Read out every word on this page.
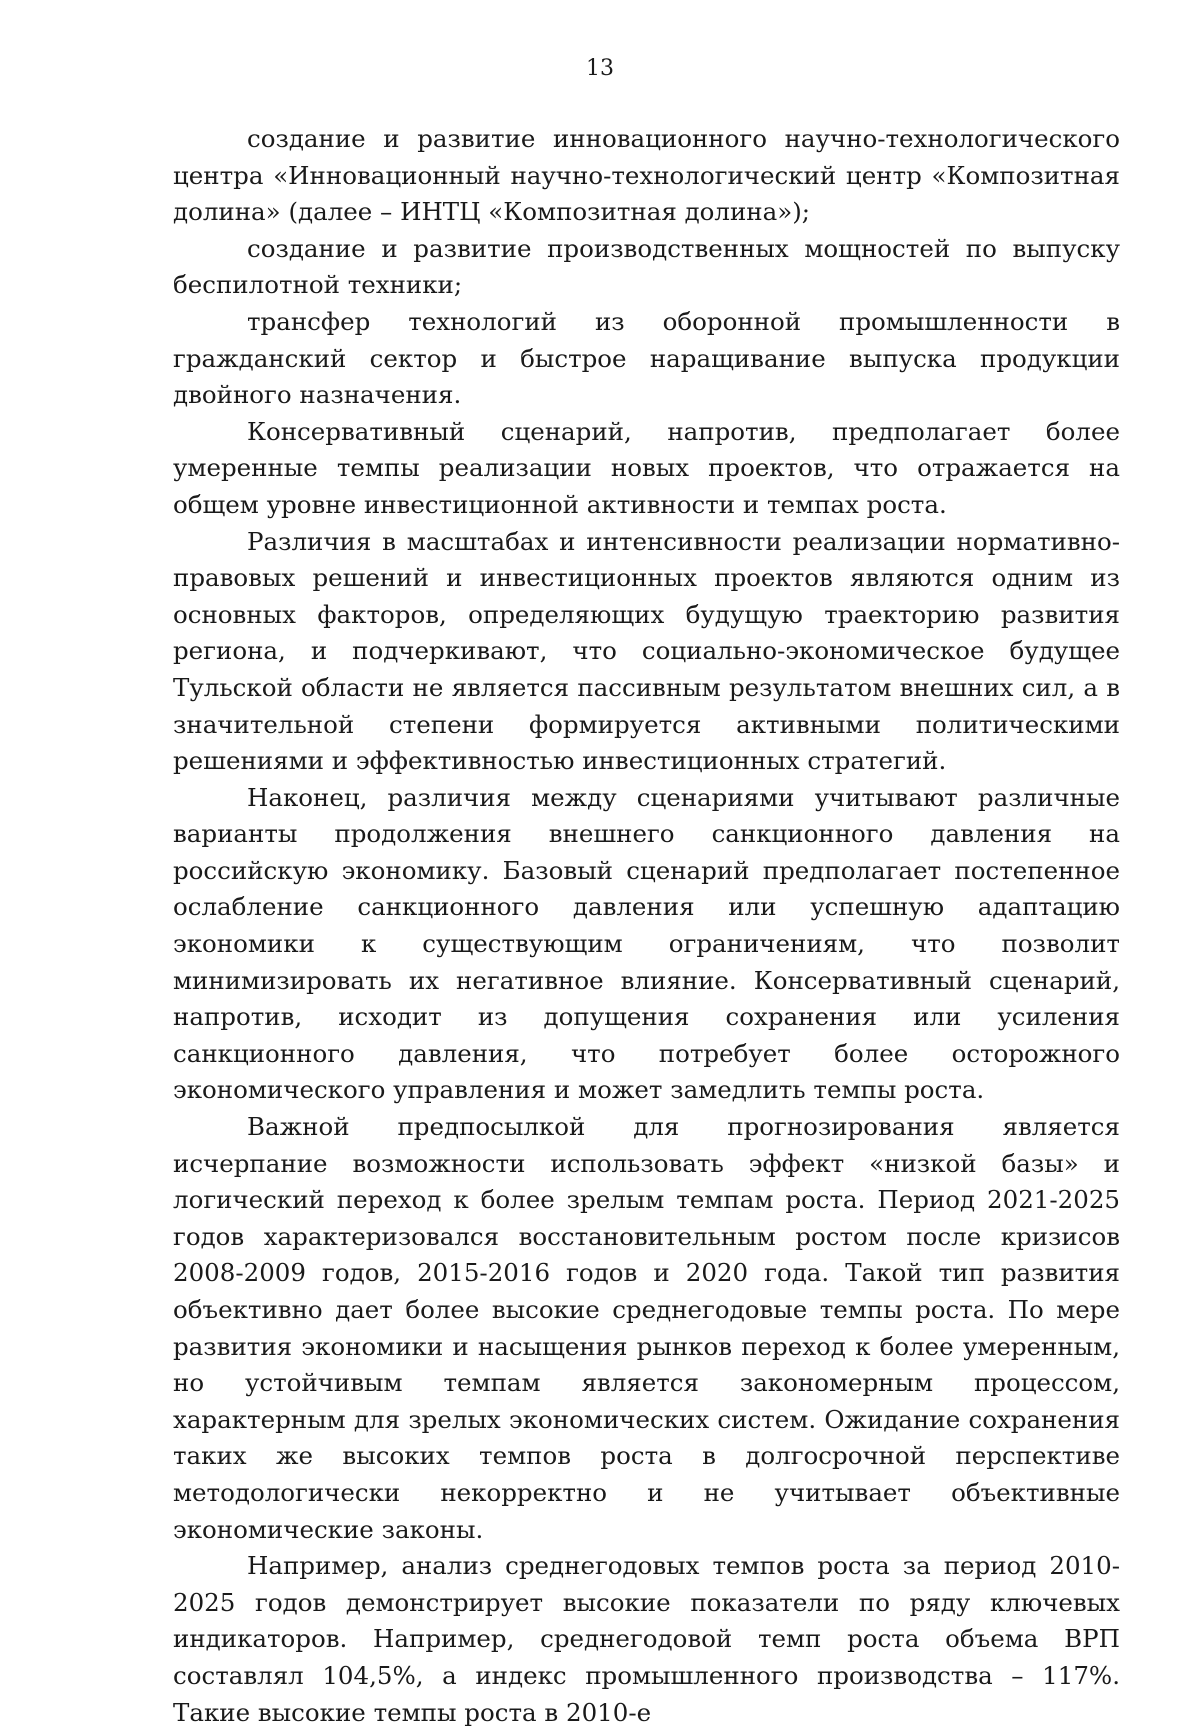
13

создание и развитие инновационного научно-технологического центра «Инновационный научно-технологический центр «Композитная долина» (далее – ИНТЦ «Композитная долина»);

создание и развитие производственных мощностей по выпуску беспилотной техники;

трансфер технологий из оборонной промышленности в гражданский сектор и быстрое наращивание выпуска продукции двойного назначения.

Консервативный сценарий, напротив, предполагает более умеренные темпы реализации новых проектов, что отражается на общем уровне инвестиционной активности и темпах роста.

Различия в масштабах и интенсивности реализации нормативно-правовых решений и инвестиционных проектов являются одним из основных факторов, определяющих будущую траекторию развития региона, и подчеркивают, что социально-экономическое будущее Тульской области не является пассивным результатом внешних сил, а в значительной степени формируется активными политическими решениями и эффективностью инвестиционных стратегий.

Наконец, различия между сценариями учитывают различные варианты продолжения внешнего санкционного давления на российскую экономику. Базовый сценарий предполагает постепенное ослабление санкционного давления или успешную адаптацию экономики к существующим ограничениям, что позволит минимизировать их негативное влияние. Консервативный сценарий, напротив, исходит из допущения сохранения или усиления санкционного давления, что потребует более осторожного экономического управления и может замедлить темпы роста.

Важной предпосылкой для прогнозирования является исчерпание возможности использовать эффект «низкой базы» и логический переход к более зрелым темпам роста. Период 2021-2025 годов характеризовался восстановительным ростом после кризисов 2008-2009 годов, 2015-2016 годов и 2020 года. Такой тип развития объективно дает более высокие среднегодовые темпы роста. По мере развития экономики и насыщения рынков переход к более умеренным, но устойчивым темпам является закономерным процессом, характерным для зрелых экономических систем. Ожидание сохранения таких же высоких темпов роста в долгосрочной перспективе методологически некорректно и не учитывает объективные экономические законы.

Например, анализ среднегодовых темпов роста за период 2010-2025 годов демонстрирует высокие показатели по ряду ключевых индикаторов. Например, среднегодовой темп роста объема ВРП составлял 104,5%, а индекс промышленного производства – 117%. Такие высокие темпы роста в 2010-е
